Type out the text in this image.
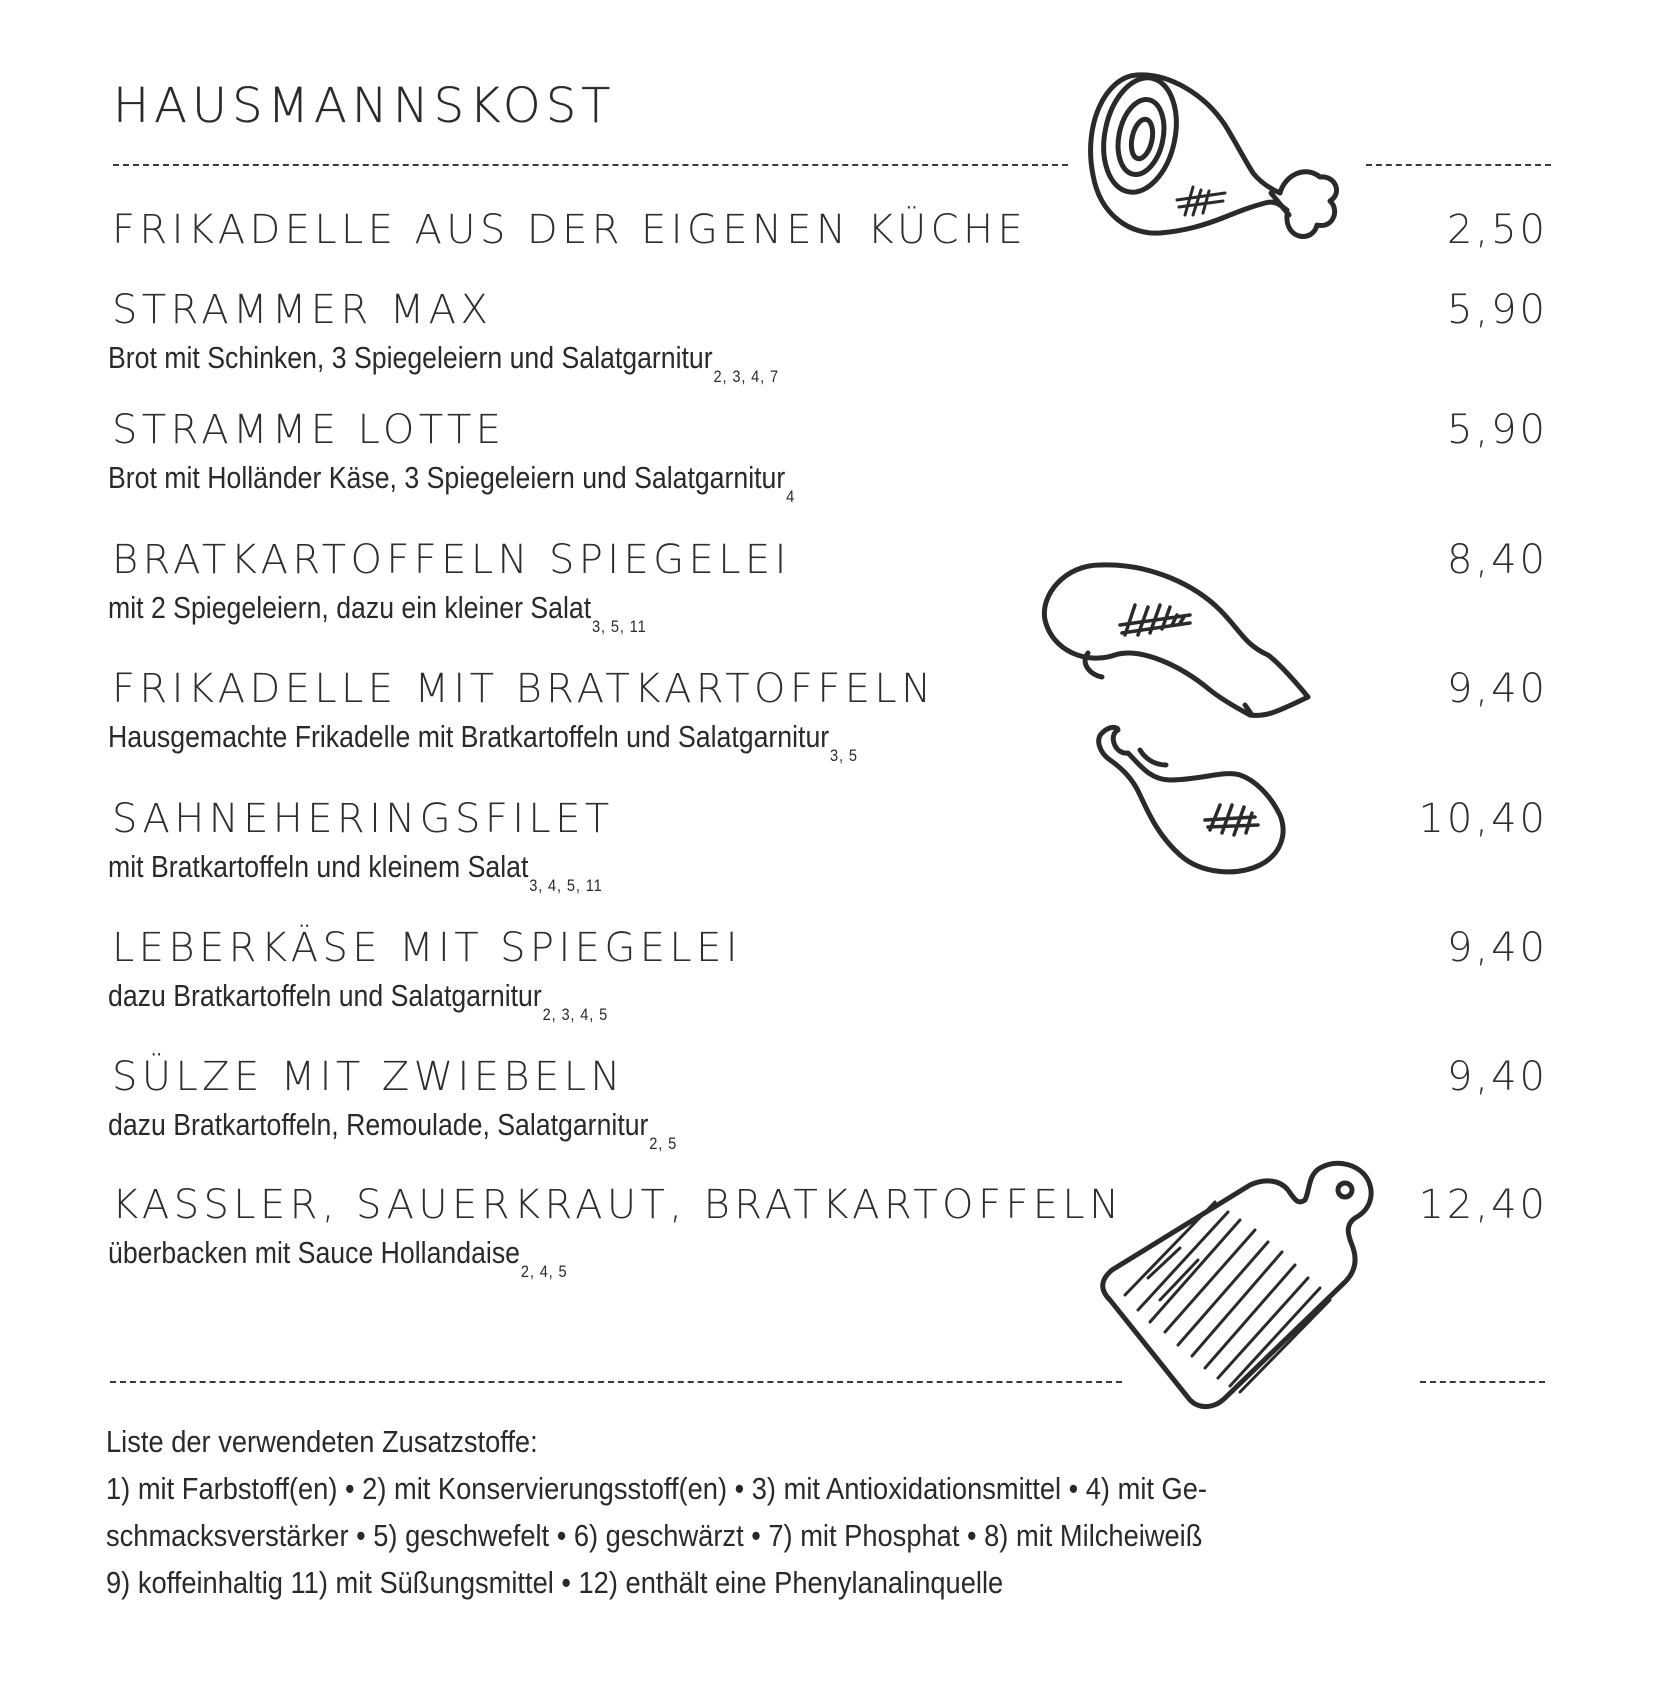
HAUSMANNSKOST
FRIKADELLE AUS DER EIGENEN KÜCHE	2,50
STRAMMER MAX	5,90
Brot mit Schinken, 3 Spiegeleiern und Salatgarnitur$_{2, 3, 4, 7}$
STRAMME LOTTE	5,90
Brot mit Holländer Käse, 3 Spiegeleiern und Salatgarnitur$_4$
BRATKARTOFFELN SPIEGELEI	8,40
mit 2 Spiegeleiern, dazu ein kleiner Salat$_{3, 5, 11}$
FRIKADELLE MIT BRATKARTOFFELN	9,40
Hausgemachte Frikadelle mit Bratkartoffeln und Salatgarnitur$_{3, 5}$
SAHNEHERINGSFILET	10,40
mit Bratkartoffeln und kleinem Salat$_{3, 4, 5, 11}$
LEBERKÄSE MIT SPIEGELEI	9,40
dazu Bratkartoffeln und Salatgarnitur$_{2, 3, 4, 5}$
SÜLZE MIT ZWIEBELN	9,40
dazu Bratkartoffeln, Remoulade, Salatgarnitur$_{2, 5}$
KASSLER, SAUERKRAUT, BRATKARTOFFELN	12,40
überbacken mit Sauce Hollandaise$_{2, 4, 5}$
Liste der verwendeten Zusatzstoffe:
1) mit Farbstoff(en) • 2) mit Konservierungsstoff(en) • 3) mit Antioxidationsmittel • 4) mit Ge-
schmacksverstärker • 5) geschwefelt • 6) geschwärzt • 7) mit Phosphat • 8) mit Milcheiweiß
9) koffeinhaltig 11) mit Süßungsmittel • 12) enthält eine Phenylanalinquelle
